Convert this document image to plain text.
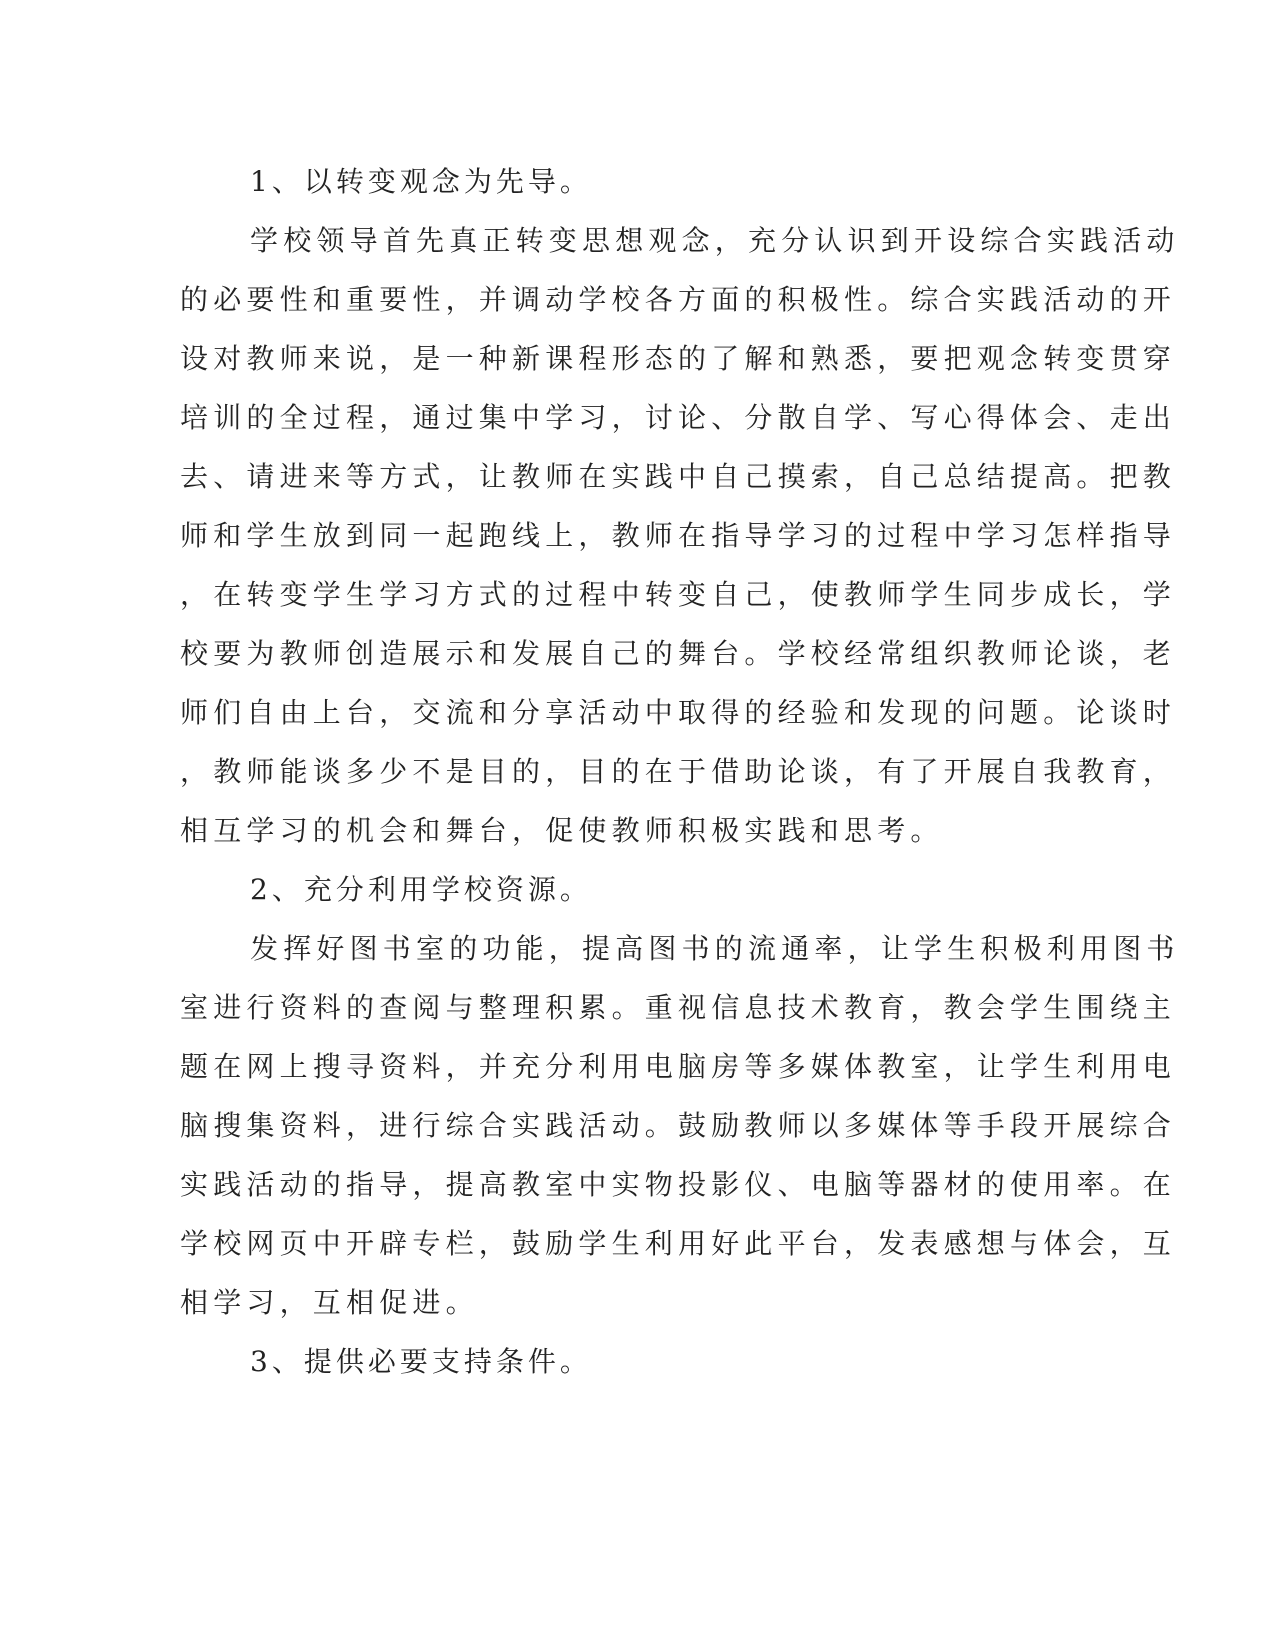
1、以转变观念为先导。
学校领导首先真正转变思想观念，充分认识到开设综合实践活动
的必要性和重要性，并调动学校各方面的积极性。综合实践活动的开
设对教师来说，是一种新课程形态的了解和熟悉，要把观念转变贯穿
培训的全过程，通过集中学习，讨论、分散自学、写心得体会、走出
去、请进来等方式，让教师在实践中自己摸索，自己总结提高。把教
师和学生放到同一起跑线上，教师在指导学习的过程中学习怎样指导
，在转变学生学习方式的过程中转变自己，使教师学生同步成长，学
校要为教师创造展示和发展自己的舞台。学校经常组织教师论谈，老
师们自由上台，交流和分享活动中取得的经验和发现的问题。论谈时
，教师能谈多少不是目的，目的在于借助论谈，有了开展自我教育，
相互学习的机会和舞台，促使教师积极实践和思考。
2、充分利用学校资源。
发挥好图书室的功能，提高图书的流通率，让学生积极利用图书
室进行资料的查阅与整理积累。重视信息技术教育，教会学生围绕主
题在网上搜寻资料，并充分利用电脑房等多媒体教室，让学生利用电
脑搜集资料，进行综合实践活动。鼓励教师以多媒体等手段开展综合
实践活动的指导，提高教室中实物投影仪、电脑等器材的使用率。在
学校网页中开辟专栏，鼓励学生利用好此平台，发表感想与体会，互
相学习，互相促进。
3、提供必要支持条件。
